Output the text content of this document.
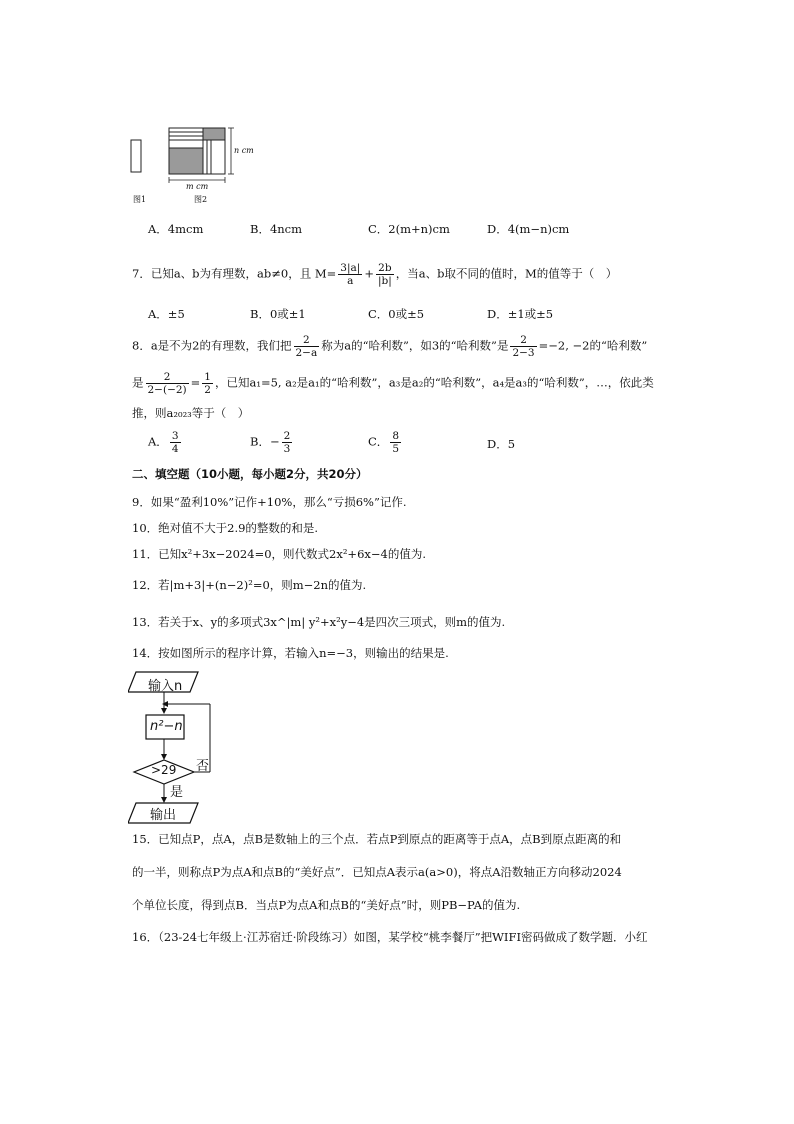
图1	图2
n cm
m cm
A．4mcm	B．4ncm	C．2(m+n)cm	D．4(m−n)cm
7．已知a、b为有理数，ab≠0，且 $M= \frac{3|a|}{a} + \frac{2b}{|b|}$ ，当a、b取不同的值时，M的值等于（　）
A．±5	B．0或±1	C．0或±5	D．±1或±5
8．a是不为2的有理数，我们把 $\frac{2}{2-a}$ 称为a的“哈利数”，如3的“哈利数”是 $\frac{2}{2-3} =-2$, −2的“哈利数”
是 $\frac{2}{2-(-2)} = \frac{1}{2}$ ，已知a₁=5, a₂是a₁的“哈利数”，a₃是a₂的“哈利数”，a₄是a₃的“哈利数”，…，依此类
推，则a₂₀₂₃等于（　）
A． $\frac{3}{4}$	B．− $\frac{2}{3}$	C． $\frac{8}{5}$	D．5
二、填空题（10小题，每小题2分，共20分）
9．如果“盈利10%”记作+10%，那么“亏损6%”记作.
10．绝对值不大于2.9的整数的和是.
11．已知x²+3x−2024=0，则代数式2x²+6x−4的值为.
12．若|m+3|+(n−2)²=0，则m−2n的值为.
13．若关于x、y的多项式3x^|m| y²+x²y−4是四次三项式，则m的值为.
14．按如图所示的程序计算，若输入n=−3，则输出的结果是.
输入n
n²−n
>29 否
是
输出
15．已知点P，点A，点B是数轴上的三个点．若点P到原点的距离等于点A，点B到原点距离的和
的一半，则称点P为点A和点B的“美好点”．已知点A表示a(a>0)，将点A沿数轴正方向移动2024
个单位长度，得到点B．当点P为点A和点B的“美好点”时，则PB−PA的值为.
16．（23-24七年级上·江苏宿迁·阶段练习）如图，某学校“桃李餐厅”把WIFI密码做成了数学题．小红
